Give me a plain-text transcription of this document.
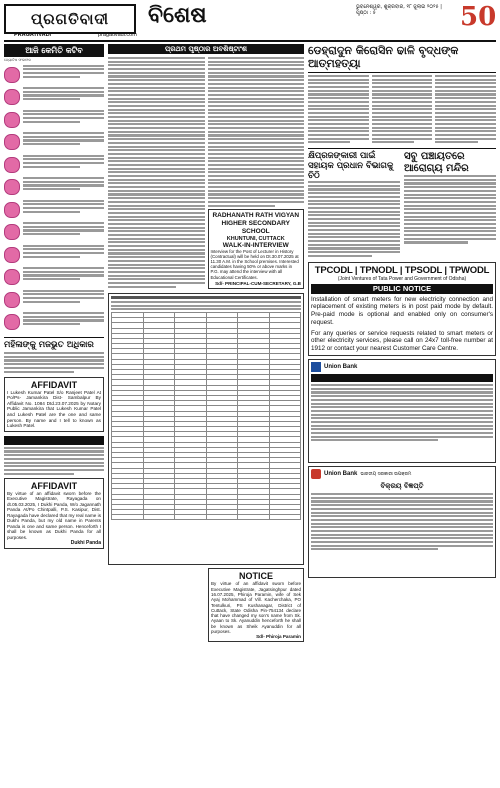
ପ୍ରଗତିବାଦୀ
PRAGATIVADI	pragativadi.com
ବିଶେଷ	ଭୁବନେଶ୍ୱର, ଶୁକ୍ରବାର, ୧୮ ଜୁଲାଇ ୨୦୨୫ | ପୃଷ୍ଠା : ୫	50
ଆଜି କେମିତି କଟିବ
ଜ୍ୟୋତିଷ ଫଳାଫଳ
ମହିଳାଙ୍କୁ ମଜଭୁତ ଅଧିକାର
AFFIDAVIT
I Lukesh Kumar Patel S/o Ranjeet Patel At Po/Ps- Jamankira Dist- Sambalpur By Affidavit No. 1084 Dtd.23.07.2025 by Notary Public Jamankira that Lukesh Kumar Patel and Lukesh Patel are the one and same person. By name and I tell to known as Lukesh Patel.

AFFIDAVIT
By virtue of an affidavit sworn before the Executive Magistrate, Rayagada on dt.05.03.2025, I Dukhi Panda, W/o Jagannath Panda At/Po Chintpalli, P.S. Kasipur, Dist. Rayagada have declared that my real name is Dukhi Panda, but my old name in Parents Panda is one and same person. Henceforth I shall be known as Dukhi Panda for all purposes.
Dukhi Panda
ପ୍ରଥମ ପୃଷ୍ଠାର ଅବଶିଷ୍ଟାଂଶ
RADHANATH RATH VIGYAN HIGHER SECONDARY SCHOOL
KHUNTUNI, CUTTACK
WALK-IN-INTERVIEW
Interview for the Post of Lecturer in History (Contractual) will be held on Dt.30.07.2025 at 11.30 A.M. in the School premises. Interested candidates having 50% or above marks in P.G. may attend the interview with all Educational Certificates.
Sd/- PRINCIPAL-CUM-SECRETARY, G.B

NOTICE
By virtue of an affidavit sworn before Executive Magistrate, Jagatsinghpur dated 16.07.2025, Phiroja Paramin, wife of Sek Ayaj Mohammad of Vill. Kacherchaka, PO Tentulkuri, PS Kushanagar, District of Cuttack, State Odisha Pin-754134 declare that have changed my son's name from Sk. Ayaan to Sk. Ayanuddin henceforth he shall be known as Sheik Ayanuddin for all purposes.
Sd/- Phiroja Paramin
ଡେହ୍ରାଦୁନ କିରୋସିନ ଢାଳି ବୃଦ୍ଧଙ୍କ ଆତ୍ମହତ୍ୟା
କ୍ଷିପ୍ରଜଙ୍କାରୀ ପାଇଁ ସହାୟକ ପ୍ରଧାନ ବିଭାଗକୁ ଚିଠି
ସବୁ ପଞ୍ଚାୟତରେ ଆରୋଗ୍ୟ ମନ୍ଦିର
TPCODL | TPNODL | TPSODL | TPWODL
(Joint Ventures of Tata Power and Government of Odisha)
PUBLIC NOTICE
Installation of smart meters for new electricity connection and replacement of existing meters is in post paid mode by default. Pre-paid mode is optional and enabled only on consumer's request.
For any queries or service requests related to smart meters or other electricity services, please call on 24x7 toll-free number at 1912 or contact your nearest Customer Care Centre.
Union Bank

Union Bank ଭାରତୀୟ ସରକାରୀ ଉପକ୍ରମ
ବିକ୍ରୟ ବିଜ୍ଞପ୍ତି
